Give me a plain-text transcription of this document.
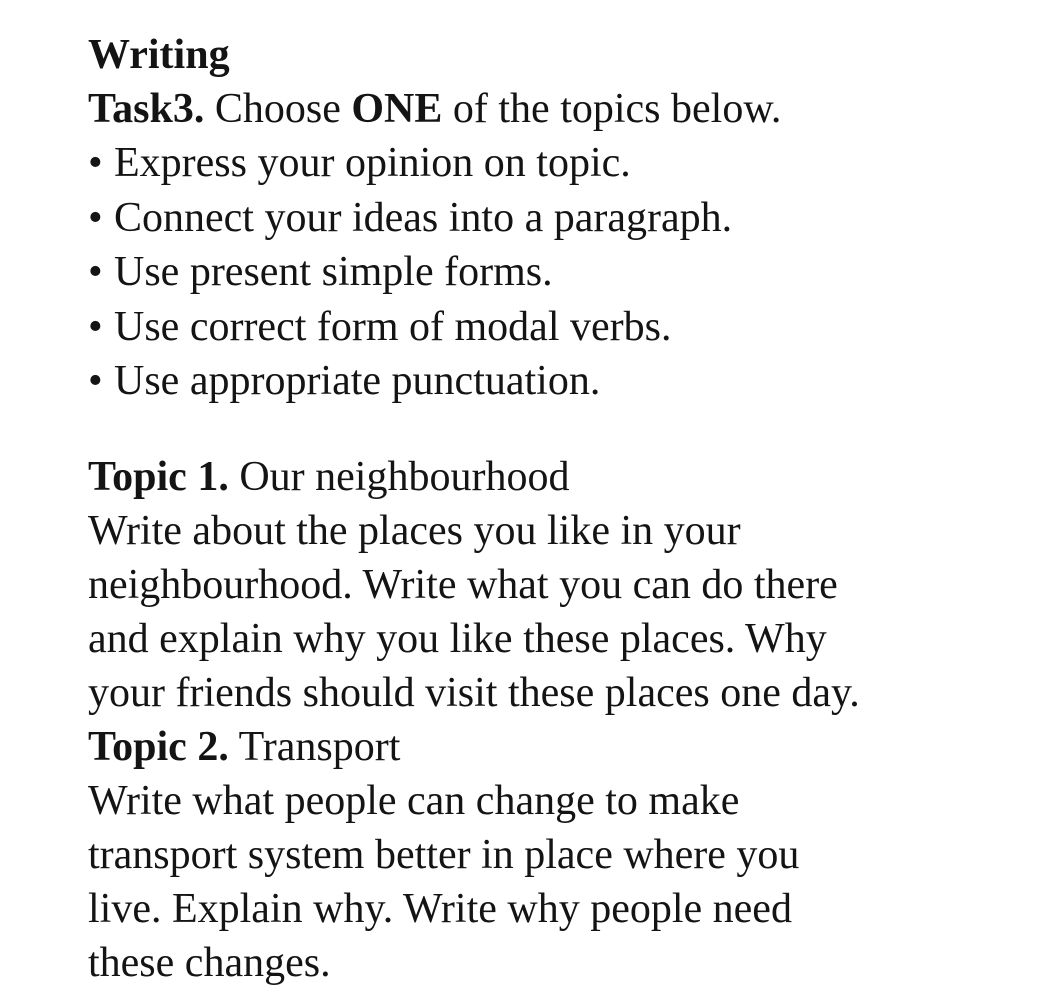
Writing

Task3. Choose ONE of the topics below.

• Express your opinion on topic.
• Connect your ideas into a paragraph.
• Use present simple forms.
• Use correct form of modal verbs.
• Use appropriate punctuation.

Topic 1. Our neighbourhood

Write about the places you like in your

neighbourhood. Write what you can do there

and explain why you like these places. Why

your friends should visit these places one day.

Topic 2. Transport

Write what people can change to make

transport system better in place where you

live. Explain why. Write why people need

these changes.
